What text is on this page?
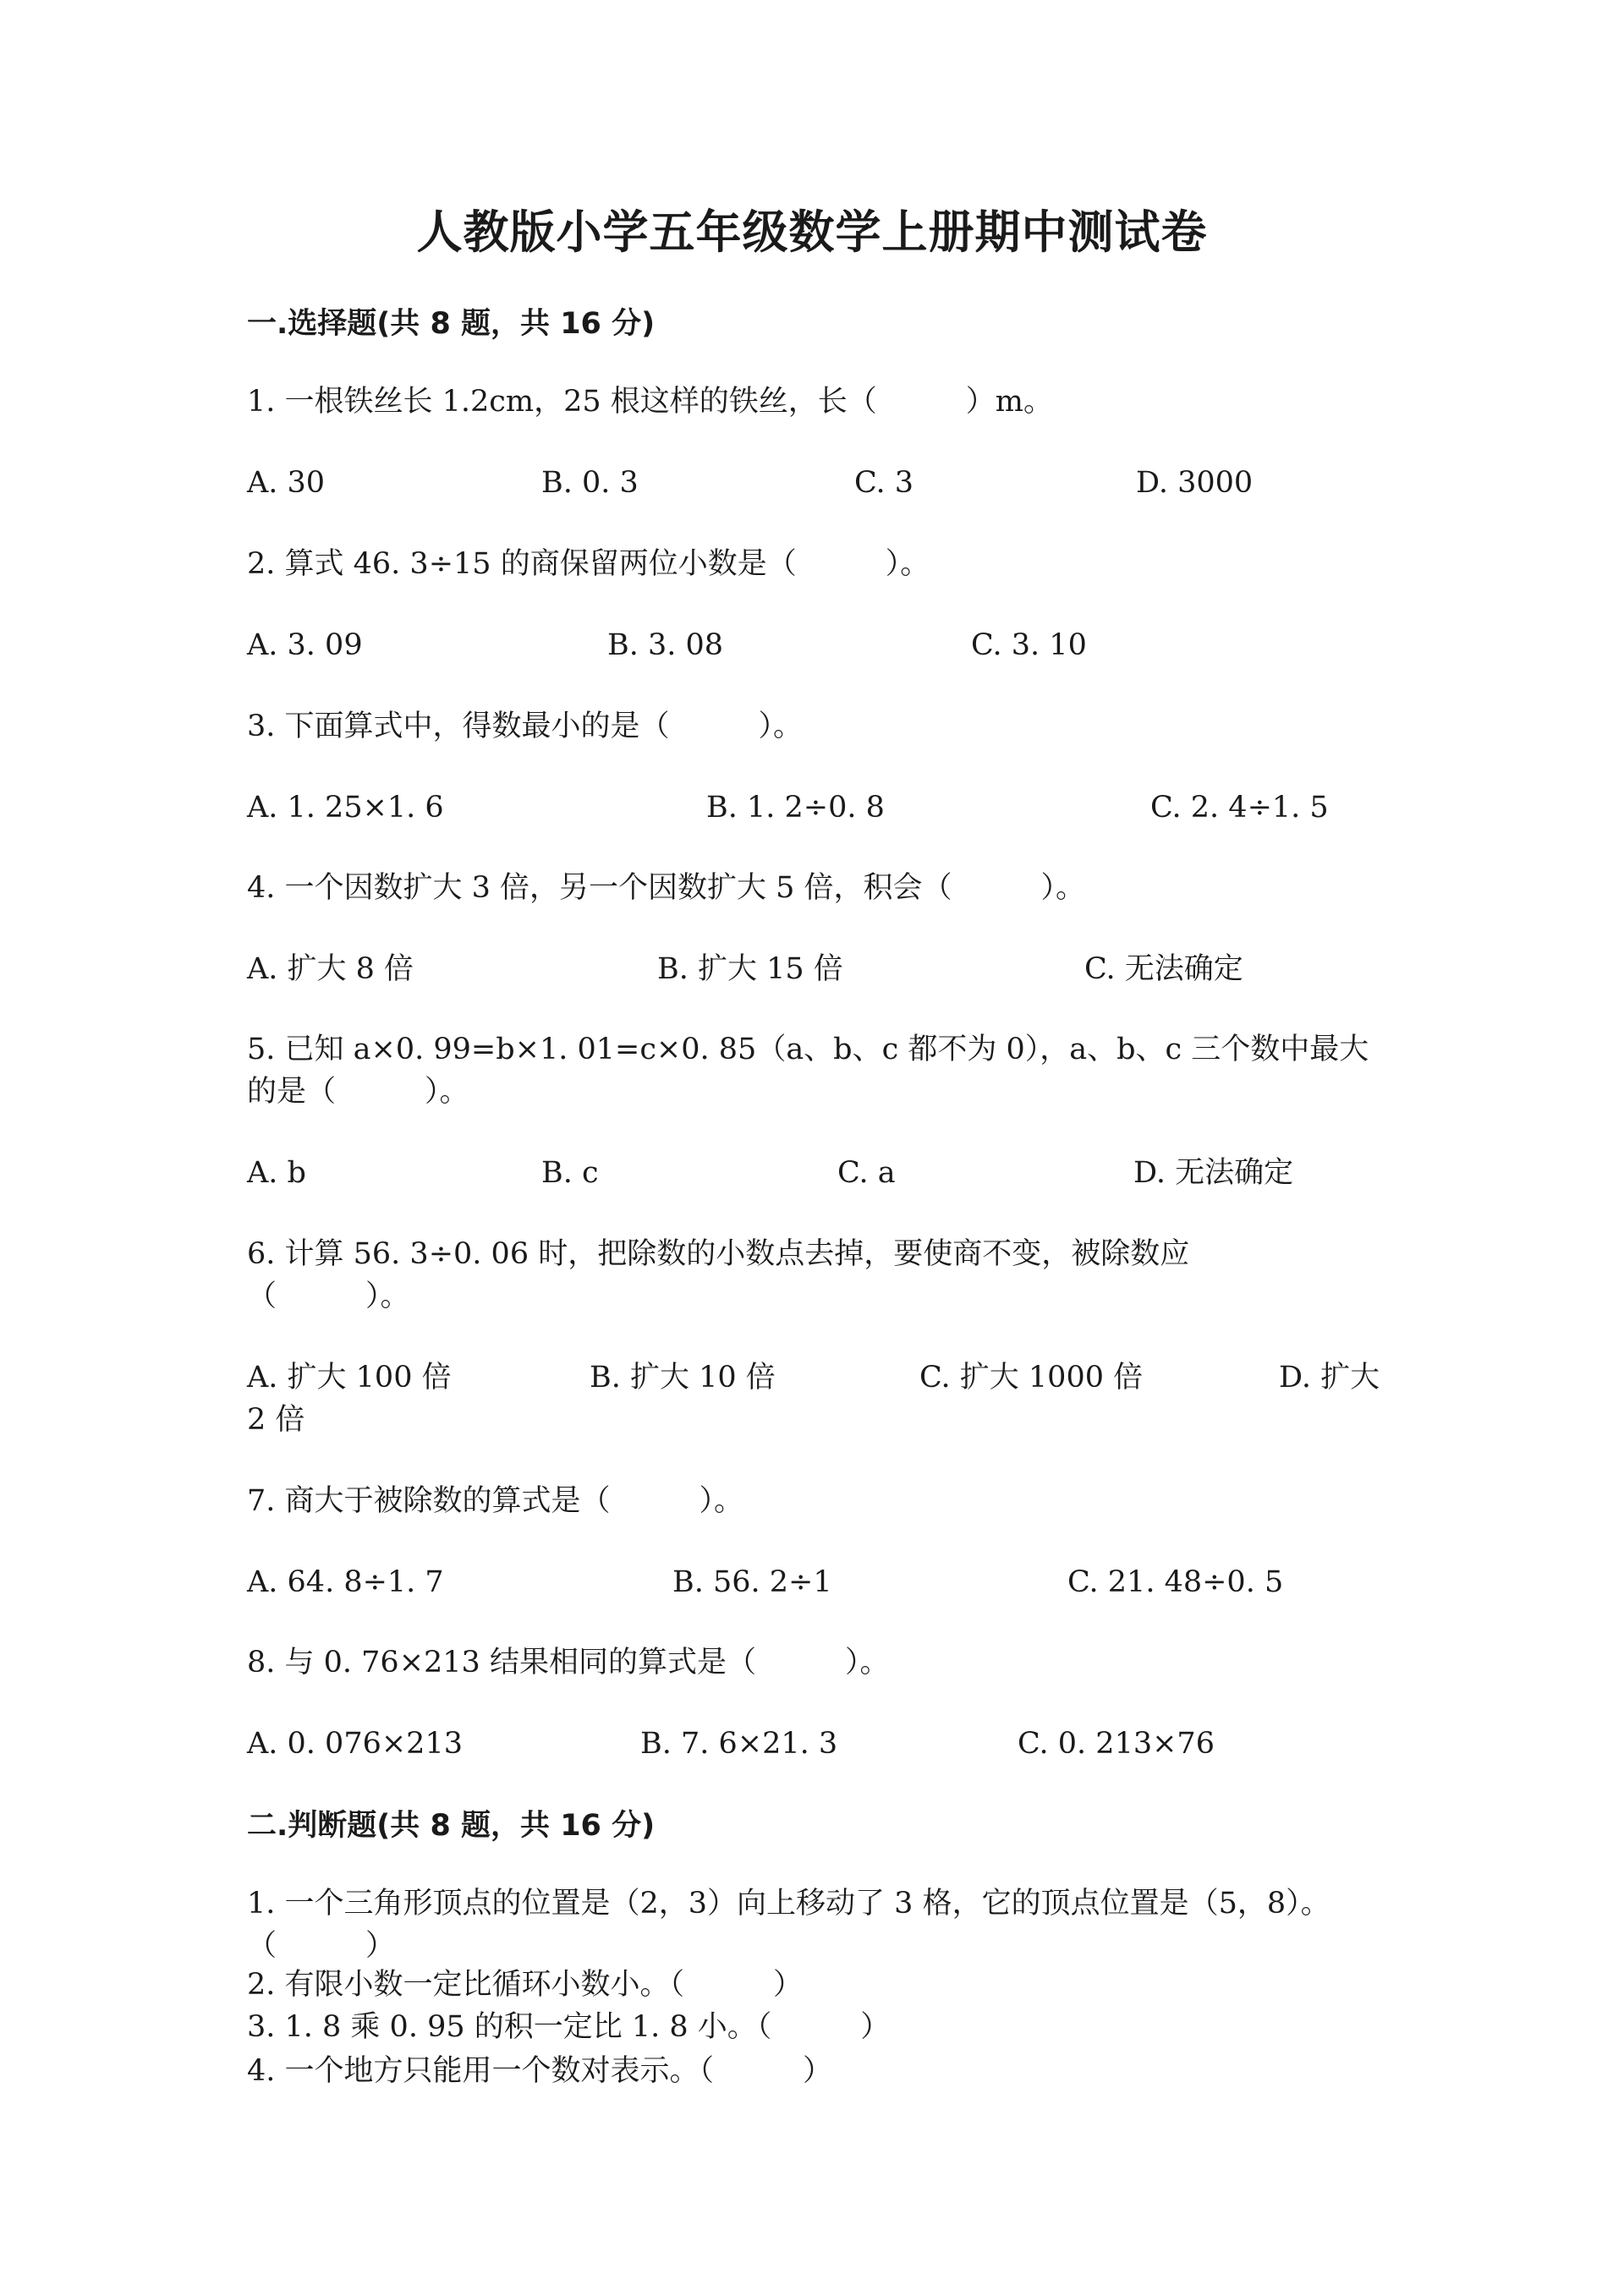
人教版小学五年级数学上册期中测试卷
一.选择题(共 8 题，共 16 分)
1. 一根铁丝长 1.2cm，25 根这样的铁丝，长（　　　）m。
A. 30	B. 0. 3	C. 3	D. 3000
2. 算式 46. 3÷15 的商保留两位小数是（　　　）。
A. 3. 09	B. 3. 08	C. 3. 10
3. 下面算式中，得数最小的是（　　　）。
A. 1. 25×1. 6	B. 1. 2÷0. 8	C. 2. 4÷1. 5
4. 一个因数扩大 3 倍，另一个因数扩大 5 倍，积会（　　　）。
A. 扩大 8 倍	B. 扩大 15 倍	C. 无法确定
5. 已知 a×0. 99=b×1. 01=c×0. 85（a、b、c 都不为 0），a、b、c 三个数中最大的是（　　　）。
A. b	B. c	C. a	D. 无法确定
6. 计算 56. 3÷0. 06 时，把除数的小数点去掉，要使商不变，被除数应（　　　）。
A. 扩大 100 倍	B. 扩大 10 倍	C. 扩大 1000 倍	D. 扩大 2 倍
7. 商大于被除数的算式是（　　　）。
A. 64. 8÷1. 7	B. 56. 2÷1	C. 21. 48÷0. 5
8. 与 0. 76×213 结果相同的算式是（　　　）。
A. 0. 076×213	B. 7. 6×21. 3	C. 0. 213×76
二.判断题(共 8 题，共 16 分)
1. 一个三角形顶点的位置是（2，3）向上移动了 3 格，它的顶点位置是（5，8）。（　　　）
2. 有限小数一定比循环小数小。（　　　）
3. 1. 8 乘 0. 95 的积一定比 1. 8 小。（　　　）
4. 一个地方只能用一个数对表示。（　　　）
